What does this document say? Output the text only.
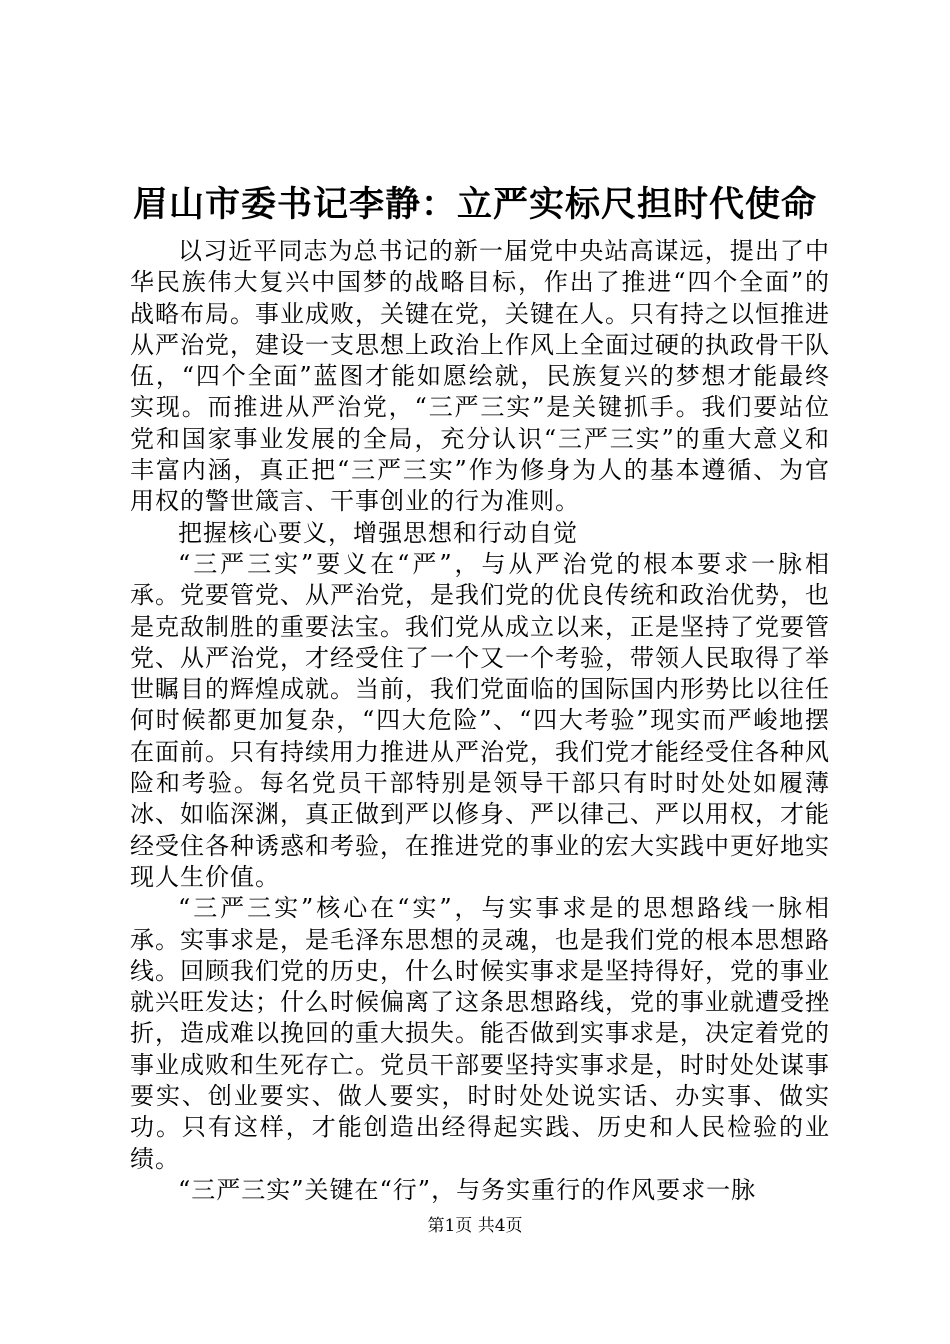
眉山市委书记李静：立严实标尺担时代使命

以习近平同志为总书记的新一届党中央站高谋远，提出了中华民族伟大复兴中国梦的战略目标，作出了推进“四个全面”的战略布局。事业成败，关键在党，关键在人。只有持之以恒推进从严治党，建设一支思想上政治上作风上全面过硬的执政骨干队伍，“四个全面”蓝图才能如愿绘就，民族复兴的梦想才能最终实现。而推进从严治党，“三严三实”是关键抓手。我们要站位党和国家事业发展的全局，充分认识“三严三实”的重大意义和丰富内涵，真正把“三严三实”作为修身为人的基本遵循、为官用权的警世箴言、干事创业的行为准则。

把握核心要义，增强思想和行动自觉

“三严三实”要义在“严”，与从严治党的根本要求一脉相承。党要管党、从严治党，是我们党的优良传统和政治优势，也是克敌制胜的重要法宝。我们党从成立以来，正是坚持了党要管党、从严治党，才经受住了一个又一个考验，带领人民取得了举世瞩目的辉煌成就。当前，我们党面临的国际国内形势比以往任何时候都更加复杂，“四大危险”、“四大考验”现实而严峻地摆在面前。只有持续用力推进从严治党，我们党才能经受住各种风险和考验。每名党员干部特别是领导干部只有时时处处如履薄冰、如临深渊，真正做到严以修身、严以律己、严以用权，才能经受住各种诱惑和考验，在推进党的事业的宏大实践中更好地实现人生价值。

“三严三实”核心在“实”，与实事求是的思想路线一脉相承。实事求是，是毛泽东思想的灵魂，也是我们党的根本思想路线。回顾我们党的历史，什么时候实事求是坚持得好，党的事业就兴旺发达；什么时候偏离了这条思想路线，党的事业就遭受挫折，造成难以挽回的重大损失。能否做到实事求是，决定着党的事业成败和生死存亡。党员干部要坚持实事求是，时时处处谋事要实、创业要实、做人要实，时时处处说实话、办实事、做实功。只有这样，才能创造出经得起实践、历史和人民检验的业绩。

“三严三实”关键在“行”，与务实重行的作风要求一脉

第1页 共4页
